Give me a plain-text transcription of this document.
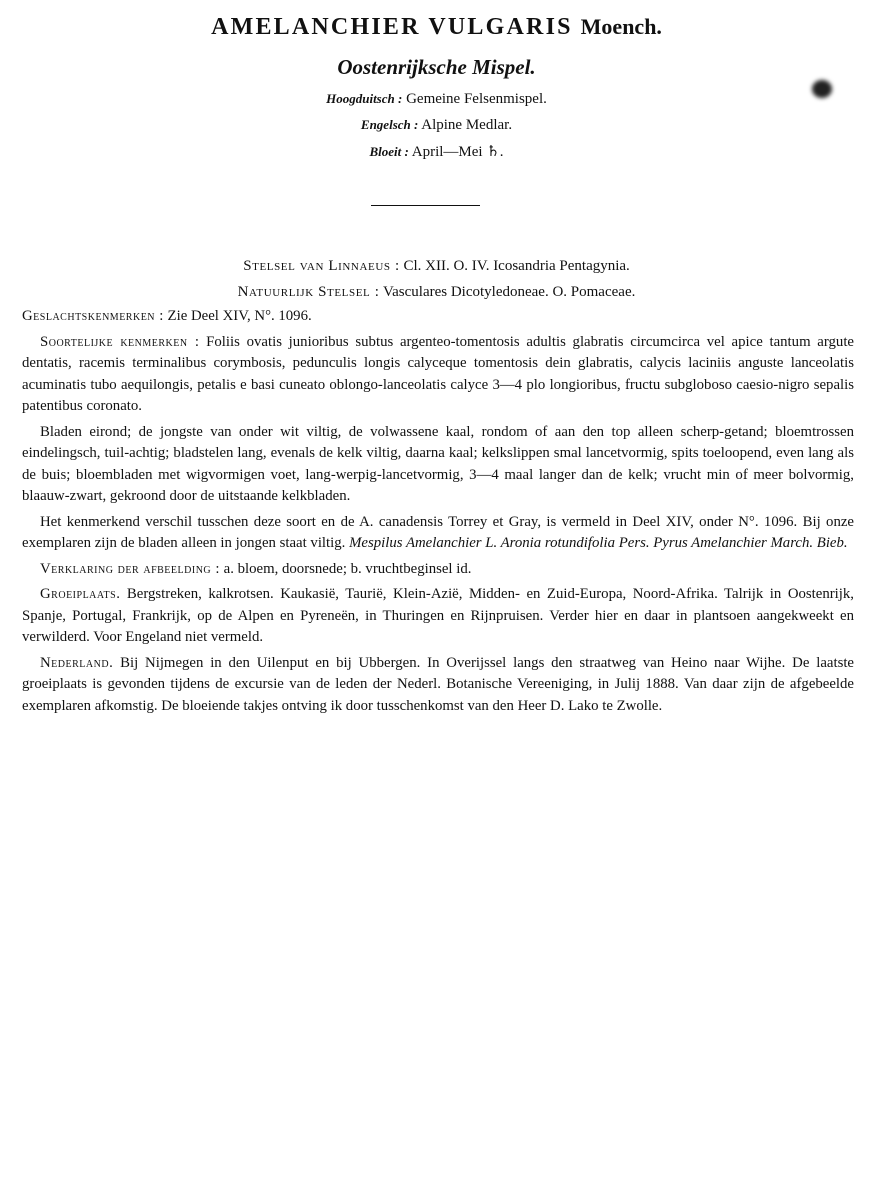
AMELANCHIER VULGARIS Moench.
Oostenrijksche Mispel.
Hoogduitsch : Gemeine Felsenmispel.
Engelsch : Alpine Medlar.
Bloeit : April—Mei ♄.
Stelsel van Linnaeus : Cl. XII. O. IV. Icosandria Pentagynia.
Natuurlijk Stelsel : Vasculares Dicotyledoneae. O. Pomaceae.

Geslachtskenmerken : Zie Deel XIV, N°. 1096.

Soortelijke kenmerken : Foliis ovatis junioribus subtus argenteo-tomentosis adultis glabratis circumcirca vel apice tantum argute dentatis, racemis terminalibus corymbosis, pedunculis longis calyceque tomentosis dein glabratis, calycis laciniis anguste lanceolatis acuminatis tubo aequilongis, petalis e basi cuneato oblongo-lanceolatis calyce 3—4 plo longioribus, fructu subgloboso caesio-nigro sepalis patentibus coronato.

Bladen eirond; de jongste van onder wit viltig, de volwassene kaal, rondom of aan den top alleen scherp-getand; bloemtrossen eindelingsch, tuil-achtig; bladstelen lang, evenals de kelk viltig, daarna kaal; kelkslippen smal lancetvormig, spits toeloopend, even lang als de buis; bloembladen met wigvormigen voet, lang-werpig-lancetvormig, 3—4 maal langer dan de kelk; vrucht min of meer bolvormig, blaauw-zwart, gekroond door de uitstaande kelkbladen.

Het kenmerkend verschil tusschen deze soort en de A. canadensis Torrey et Gray, is vermeld in Deel XIV, onder N°. 1096. Bij onze exemplaren zijn de bladen alleen in jongen staat viltig. Mespilus Amelanchier L. Aronia rotundifolia Pers. Pyrus Amelanchier March. Bieb.

Verklaring der afbeelding : a. bloem, doorsnede; b. vruchtbeginsel id.

Groeiplaats. Bergstreken, kalkrotsen. Kaukasië, Taurië, Klein-Azië, Midden- en Zuid-Europa, Noord-Afrika. Talrijk in Oostenrijk, Spanje, Portugal, Frankrijk, op de Alpen en Pyreneën, in Thuringen en Rijnpruisen. Verder hier en daar in plantsoen aangekweekt en verwilderd. Voor Engeland niet vermeld.

Nederland. Bij Nijmegen in den Uilenput en bij Ubbergen. In Overijssel langs den straatweg van Heino naar Wijhe. De laatste groeiplaats is gevonden tijdens de excursie van de leden der Nederl. Botanische Vereeniging, in Julij 1888. Van daar zijn de afgebeelde exemplaren afkomstig. De bloeiende takjes ontving ik door tusschenkomst van den Heer D. Lako te Zwolle.
